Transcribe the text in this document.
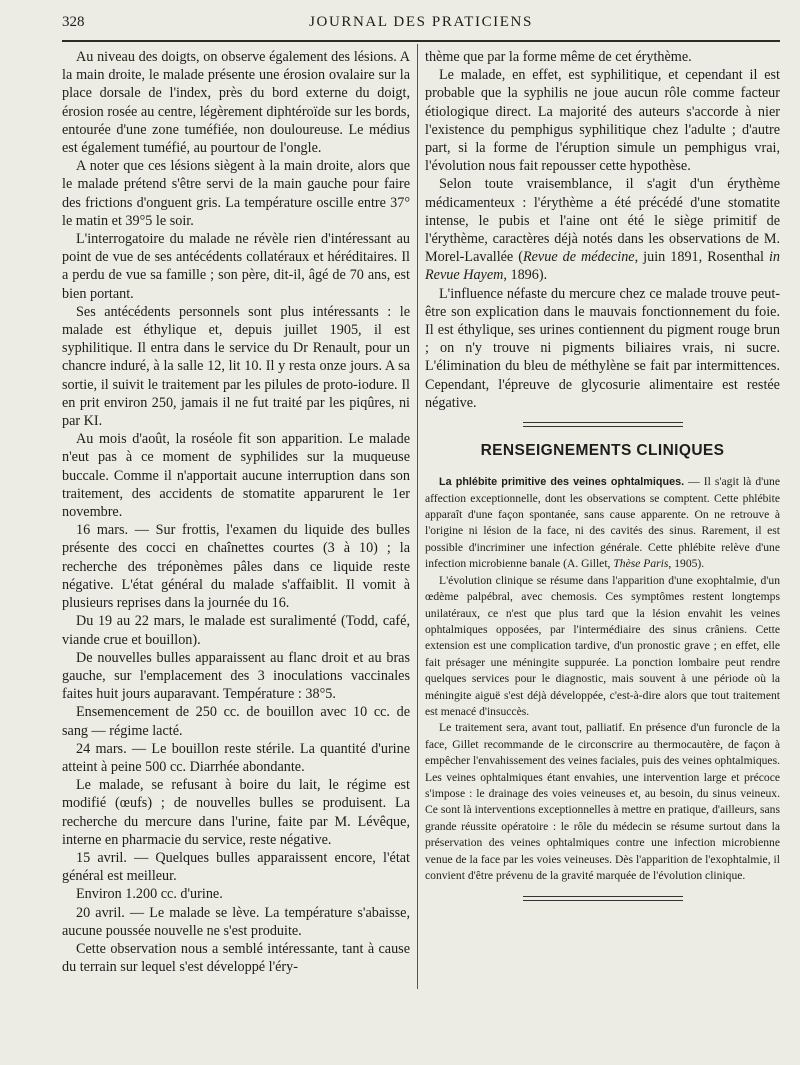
328	JOURNAL DES PRATICIENS

Au niveau des doigts, on observe également des lésions. A la main droite, le malade présente une érosion ovalaire sur la place dorsale de l'index, près du bord externe du doigt, érosion rosée au centre, légèrement diphtéroïde sur les bords, entourée d'une zone tuméfiée, non douloureuse. Le médius est également tuméfié, au pourtour de l'ongle.

A noter que ces lésions siègent à la main droite, alors que le malade prétend s'être servi de la main gauche pour faire des frictions d'onguent gris. La température oscille entre 37° le matin et 39°5 le soir.

L'interrogatoire du malade ne révèle rien d'intéressant au point de vue de ses antécédents collatéraux et héréditaires. Il a perdu de vue sa famille ; son père, dit-il, âgé de 70 ans, est bien portant.

Ses antécédents personnels sont plus intéressants : le malade est éthylique et, depuis juillet 1905, il est syphilitique. Il entra dans le service du Dr Renault, pour un chancre induré, à la salle 12, lit 10. Il y resta onze jours. A sa sortie, il suivit le traitement par les pilules de proto-iodure. Il en prit environ 250, jamais il ne fut traité par les piqûres, ni par KI.

Au mois d'août, la roséole fit son apparition. Le malade n'eut pas à ce moment de syphilides sur la muqueuse buccale. Comme il n'apportait aucune interruption dans son traitement, des accidents de stomatite apparurent le 1er novembre.

16 mars. — Sur frottis, l'examen du liquide des bulles présente des cocci en chaînettes courtes (3 à 10) ; la recherche des tréponèmes pâles dans ce liquide reste négative. L'état général du malade s'affaiblit. Il vomit à plusieurs reprises dans la journée du 16.

Du 19 au 22 mars, le malade est suralimenté (Todd, café, viande crue et bouillon).

De nouvelles bulles apparaissent au flanc droit et au bras gauche, sur l'emplacement des 3 inoculations vaccinales faites huit jours auparavant. Température : 38°5.

Ensemencement de 250 cc. de bouillon avec 10 cc. de sang — régime lacté.

24 mars. — Le bouillon reste stérile. La quantité d'urine atteint à peine 500 cc. Diarrhée abondante.

Le malade, se refusant à boire du lait, le régime est modifié (œufs) ; de nouvelles bulles se produisent. La recherche du mercure dans l'urine, faite par M. Lévêque, interne en pharmacie du service, reste négative.

15 avril. — Quelques bulles apparaissent encore, l'état général est meilleur.

Environ 1.200 cc. d'urine.

20 avril. — Le malade se lève. La température s'abaisse, aucune poussée nouvelle ne s'est produite.

Cette observation nous a semblé intéressante, tant à cause du terrain sur lequel s'est développé l'éry-

thème que par la forme même de cet érythème.

Le malade, en effet, est syphilitique, et cependant il est probable que la syphilis ne joue aucun rôle comme facteur étiologique direct. La majorité des auteurs s'accorde à nier l'existence du pemphigus syphilitique chez l'adulte ; d'autre part, si la forme de l'éruption simule un pemphigus vrai, l'évolution nous fait repousser cette hypothèse.

Selon toute vraisemblance, il s'agit d'un érythème médicamenteux : l'érythème a été précédé d'une stomatite intense, le pubis et l'aine ont été le siège primitif de l'érythème, caractères déjà notés dans les observations de M. Morel-Lavallée (Revue de médecine, juin 1891, Rosenthal in Revue Hayem, 1896).

L'influence néfaste du mercure chez ce malade trouve peut-être son explication dans le mauvais fonctionnement du foie. Il est éthylique, ses urines contiennent du pigment rouge brun ; on n'y trouve ni pigments biliaires vrais, ni sucre. L'élimination du bleu de méthylène se fait par intermittences. Cependant, l'épreuve de glycosurie alimentaire est restée négative.

RENSEIGNEMENTS CLINIQUES

La phlébite primitive des veines ophtalmiques. — Il s'agit là d'une affection exceptionnelle, dont les observations se comptent. Cette phlébite apparaît d'une façon spontanée, sans cause apparente. On ne retrouve à l'origine ni lésion de la face, ni des cavités des sinus. Rarement, il est possible d'incriminer une infection générale. Cette phlébite relève d'une infection microbienne banale (A. Gillet, Thèse Paris, 1905).

L'évolution clinique se résume dans l'apparition d'une exophtalmie, d'un œdème palpébral, avec chemosis. Ces symptômes restent longtemps unilatéraux, ce n'est que plus tard que la lésion envahit les veines ophtalmiques opposées, par l'intermédiaire des sinus crâniens. Cette extension est une complication tardive, d'un pronostic grave ; en effet, elle fait présager une méningite suppurée. La ponction lombaire peut rendre quelques services pour le diagnostic, mais souvent à une période où la méningite aiguë s'est déjà développée, c'est-à-dire alors que tout traitement est menacé d'insuccès.

Le traitement sera, avant tout, palliatif. En présence d'un furoncle de la face, Gillet recommande de le circonscrire au thermocautère, de façon à empêcher l'envahissement des veines faciales, puis des veines ophtalmiques. Les veines ophtalmiques étant envahies, une intervention large et précoce s'impose : le drainage des voies veineuses et, au besoin, du sinus veineux. Ce sont là interventions exceptionnelles à mettre en pratique, d'ailleurs, sans grande réussite opératoire : le rôle du médecin se résume surtout dans la préservation des veines ophtalmiques contre une infection microbienne venue de la face par les voies veineuses. Dès l'apparition de l'exophtalmie, il convient d'être prévenu de la gravité marquée de l'évolution clinique.
